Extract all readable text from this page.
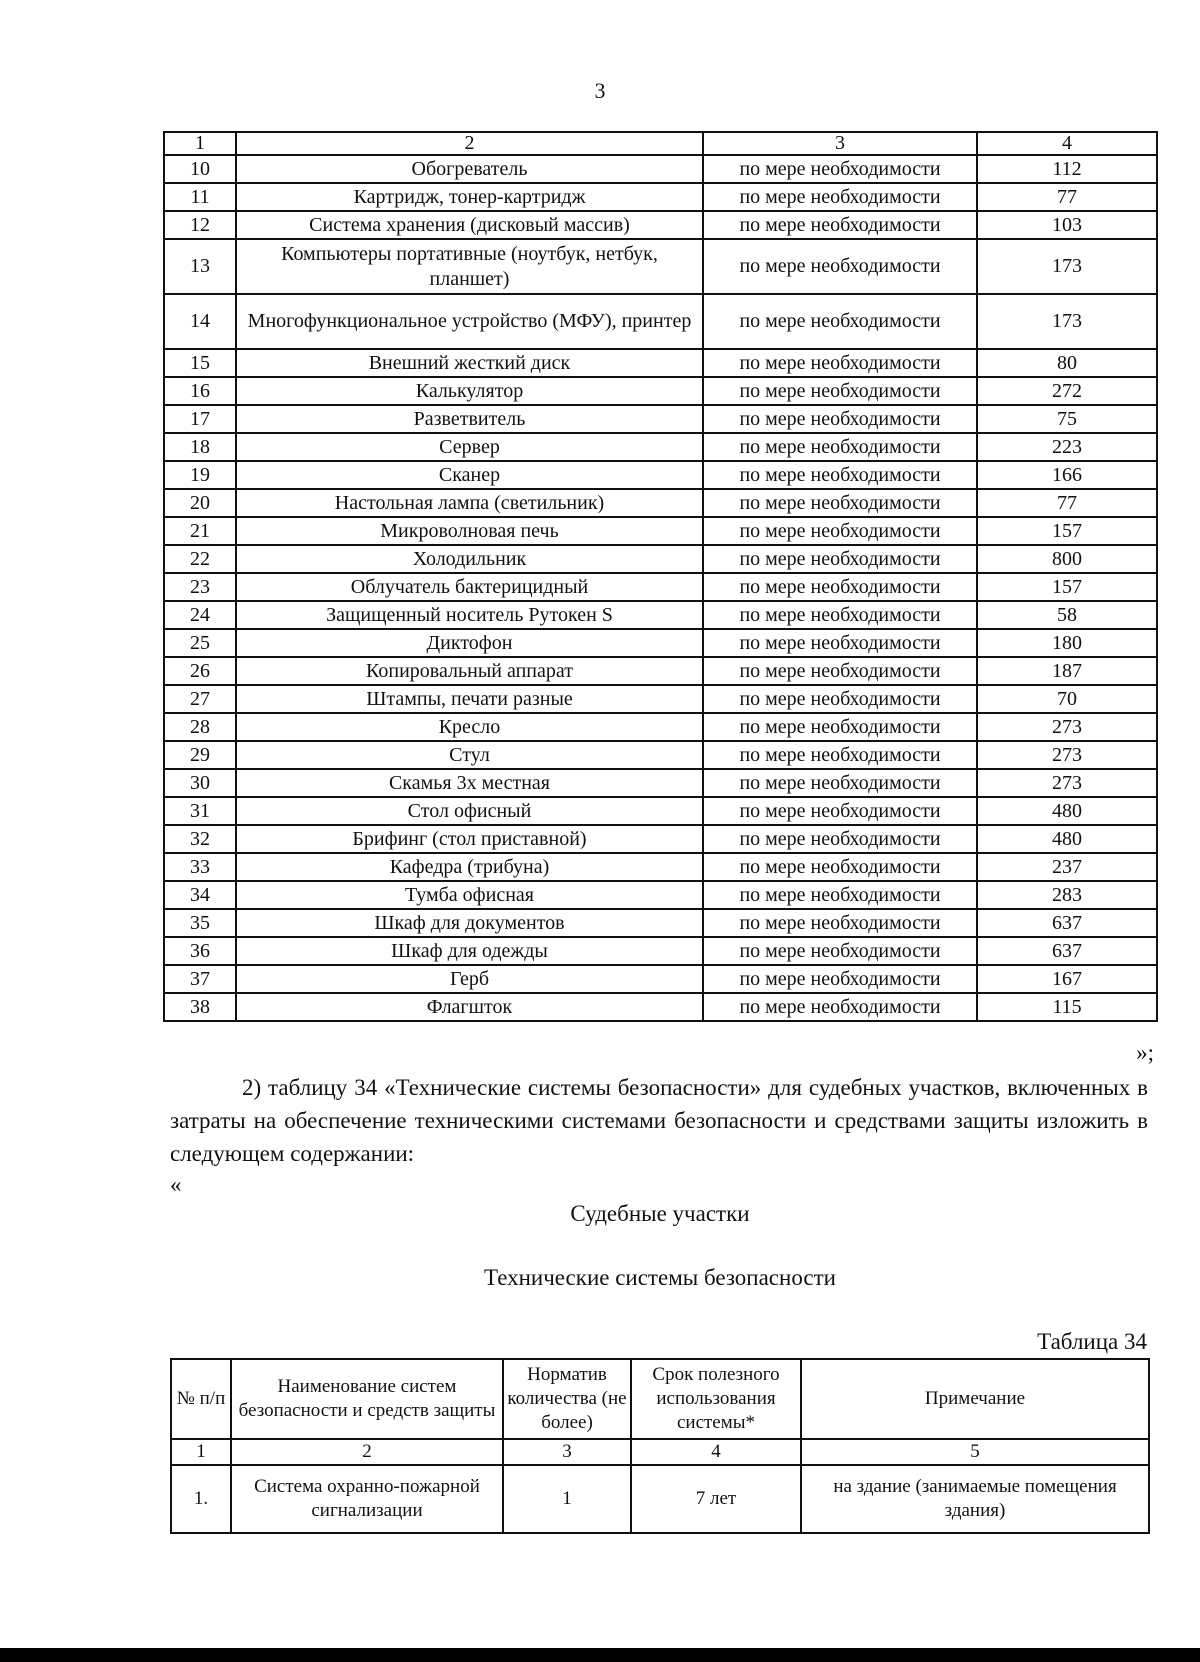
3
1	2	3	4
10	Обогреватель	по мере необходимости	112
11	Картридж, тонер-картридж	по мере необходимости	77
12	Система хранения (дисковый массив)	по мере необходимости	103
13	Компьютеры портативные (ноутбук, нетбук, планшет)	по мере необходимости	173
14	Многофункциональное устройство (МФУ), принтер	по мере необходимости	173
15	Внешний жесткий диск	по мере необходимости	80
16	Калькулятор	по мере необходимости	272
17	Разветвитель	по мере необходимости	75
18	Сервер	по мере необходимости	223
19	Сканер	по мере необходимости	166
20	Настольная лампа (светильник)	по мере необходимости	77
21	Микроволновая печь	по мере необходимости	157
22	Холодильник	по мере необходимости	800
23	Облучатель бактерицидный	по мере необходимости	157
24	Защищенный носитель Рутокен S	по мере необходимости	58
25	Диктофон	по мере необходимости	180
26	Копировальный аппарат	по мере необходимости	187
27	Штампы, печати разные	по мере необходимости	70
28	Кресло	по мере необходимости	273
29	Стул	по мере необходимости	273
30	Скамья 3х местная	по мере необходимости	273
31	Стол офисный	по мере необходимости	480
32	Брифинг (стол приставной)	по мере необходимости	480
33	Кафедра (трибуна)	по мере необходимости	237
34	Тумба офисная	по мере необходимости	283
35	Шкаф для документов	по мере необходимости	637
36	Шкаф для одежды	по мере необходимости	637
37	Герб	по мере необходимости	167
38	Флагшток	по мере необходимости	115
»;

2) таблицу 34 «Технические системы безопасности» для судебных участков, включенных в затраты на обеспечение техническими системами безопасности и средствами защиты изложить в следующем содержании:

«
Судебные участки
Технические системы безопасности
Таблица 34
№ п/п	Наименование систем безопасности и средств защиты	Норматив количества (не более)	Срок полезного использования системы*	Примечание
1	2	3	4	5
1.	Система охранно-пожарной сигнализации	1	7 лет	на здание (занимаемые помещения здания)
